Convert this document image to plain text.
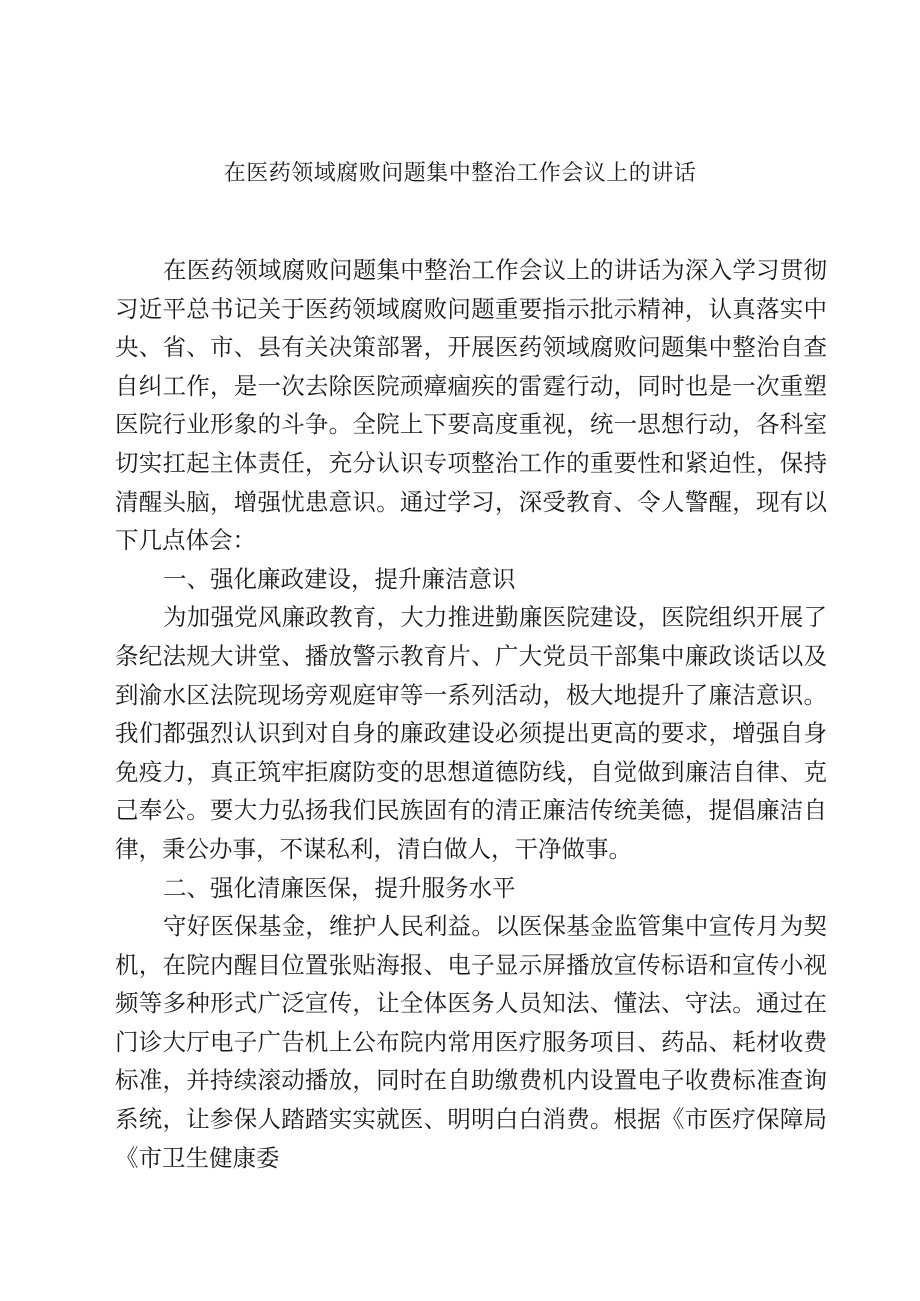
在医药领域腐败问题集中整治工作会议上的讲话

在医药领域腐败问题集中整治工作会议上的讲话为深入学习贯彻习近平总书记关于医药领域腐败问题重要指示批示精神，认真落实中央、省、市、县有关决策部署，开展医药领域腐败问题集中整治自查自纠工作，是一次去除医院顽瘴痼疾的雷霆行动，同时也是一次重塑医院行业形象的斗争。全院上下要高度重视，统一思想行动，各科室切实扛起主体责任，充分认识专项整治工作的重要性和紧迫性，保持清醒头脑，增强忧患意识。通过学习，深受教育、令人警醒，现有以下几点体会：

一、强化廉政建设，提升廉洁意识

为加强党风廉政教育，大力推进勤廉医院建设，医院组织开展了条纪法规大讲堂、播放警示教育片、广大党员干部集中廉政谈话以及到渝水区法院现场旁观庭审等一系列活动，极大地提升了廉洁意识。我们都强烈认识到对自身的廉政建设必须提出更高的要求，增强自身免疫力，真正筑牢拒腐防变的思想道德防线，自觉做到廉洁自律、克己奉公。要大力弘扬我们民族固有的清正廉洁传统美德，提倡廉洁自律，秉公办事，不谋私利，清白做人，干净做事。

二、强化清廉医保，提升服务水平

守好医保基金，维护人民利益。以医保基金监管集中宣传月为契机，在院内醒目位置张贴海报、电子显示屏播放宣传标语和宣传小视频等多种形式广泛宣传，让全体医务人员知法、懂法、守法。通过在门诊大厅电子广告机上公布院内常用医疗服务项目、药品、耗材收费标准，并持续滚动播放，同时在自助缴费机内设置电子收费标准查询系统，让参保人踏踏实实就医、明明白白消费。根据《市医疗保障局《市卫生健康委
